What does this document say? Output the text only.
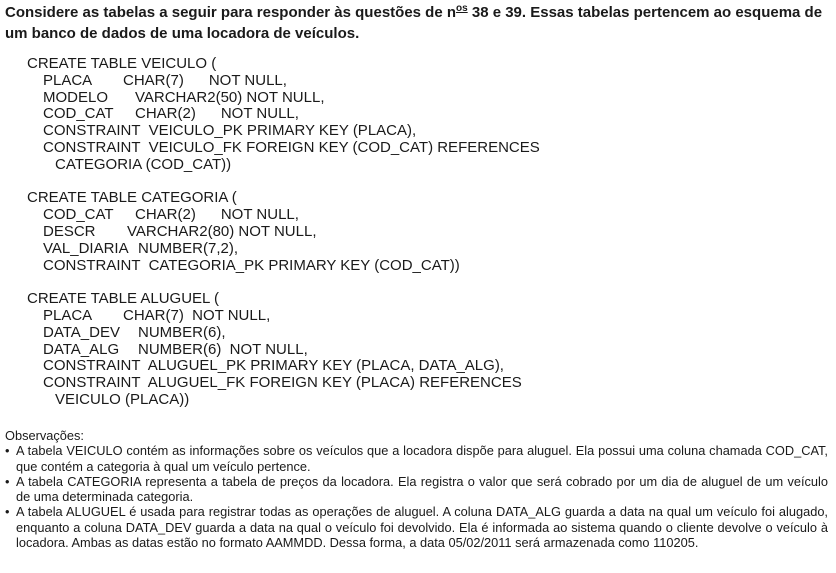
Considere as tabelas a seguir para responder às questões de $n^{os}$ 38 e 39. Essas tabelas pertencem ao esquema de um banco de dados de uma locadora de veículos.
CREATE TABLE VEICULO (
PLACA CHAR(7)      NOT NULL,
MODELO VARCHAR2(50) NOT NULL,
COD_CAT CHAR(2)      NOT NULL,
CONSTRAINT  VEICULO_PK PRIMARY KEY (PLACA),
CONSTRAINT  VEICULO_FK FOREIGN KEY (COD_CAT) REFERENCES
CATEGORIA (COD_CAT))
CREATE TABLE CATEGORIA (
COD_CAT CHAR(2)      NOT NULL,
DESCR VARCHAR2(80) NOT NULL,
VAL_DIARIA NUMBER(7,2),
CONSTRAINT  CATEGORIA_PK PRIMARY KEY (COD_CAT))
CREATE TABLE ALUGUEL (
PLACA CHAR(7)  NOT NULL,
DATA_DEV NUMBER(6),
DATA_ALG NUMBER(6)  NOT NULL,
CONSTRAINT  ALUGUEL_PK PRIMARY KEY (PLACA, DATA_ALG),
CONSTRAINT  ALUGUEL_FK FOREIGN KEY (PLACA) REFERENCES
VEICULO (PLACA))
Observações:
• A tabela VEICULO contém as informações sobre os veículos que a locadora dispõe para aluguel. Ela possui uma coluna chamada COD_CAT, que contém a categoria à qual um veículo pertence.
• A tabela CATEGORIA representa a tabela de preços da locadora. Ela registra o valor que será cobrado por um dia de aluguel de um veículo de uma determinada categoria.
• A tabela ALUGUEL é usada para registrar todas as operações de aluguel. A coluna DATA_ALG guarda a data na qual um veículo foi alugado, enquanto a coluna DATA_DEV guarda a data na qual o veículo foi devolvido. Ela é informada ao sistema quando o cliente devolve o veículo à locadora. Ambas as datas estão no formato AAMMDD. Dessa forma, a data 05/02/2011 será armazenada como 110205.
